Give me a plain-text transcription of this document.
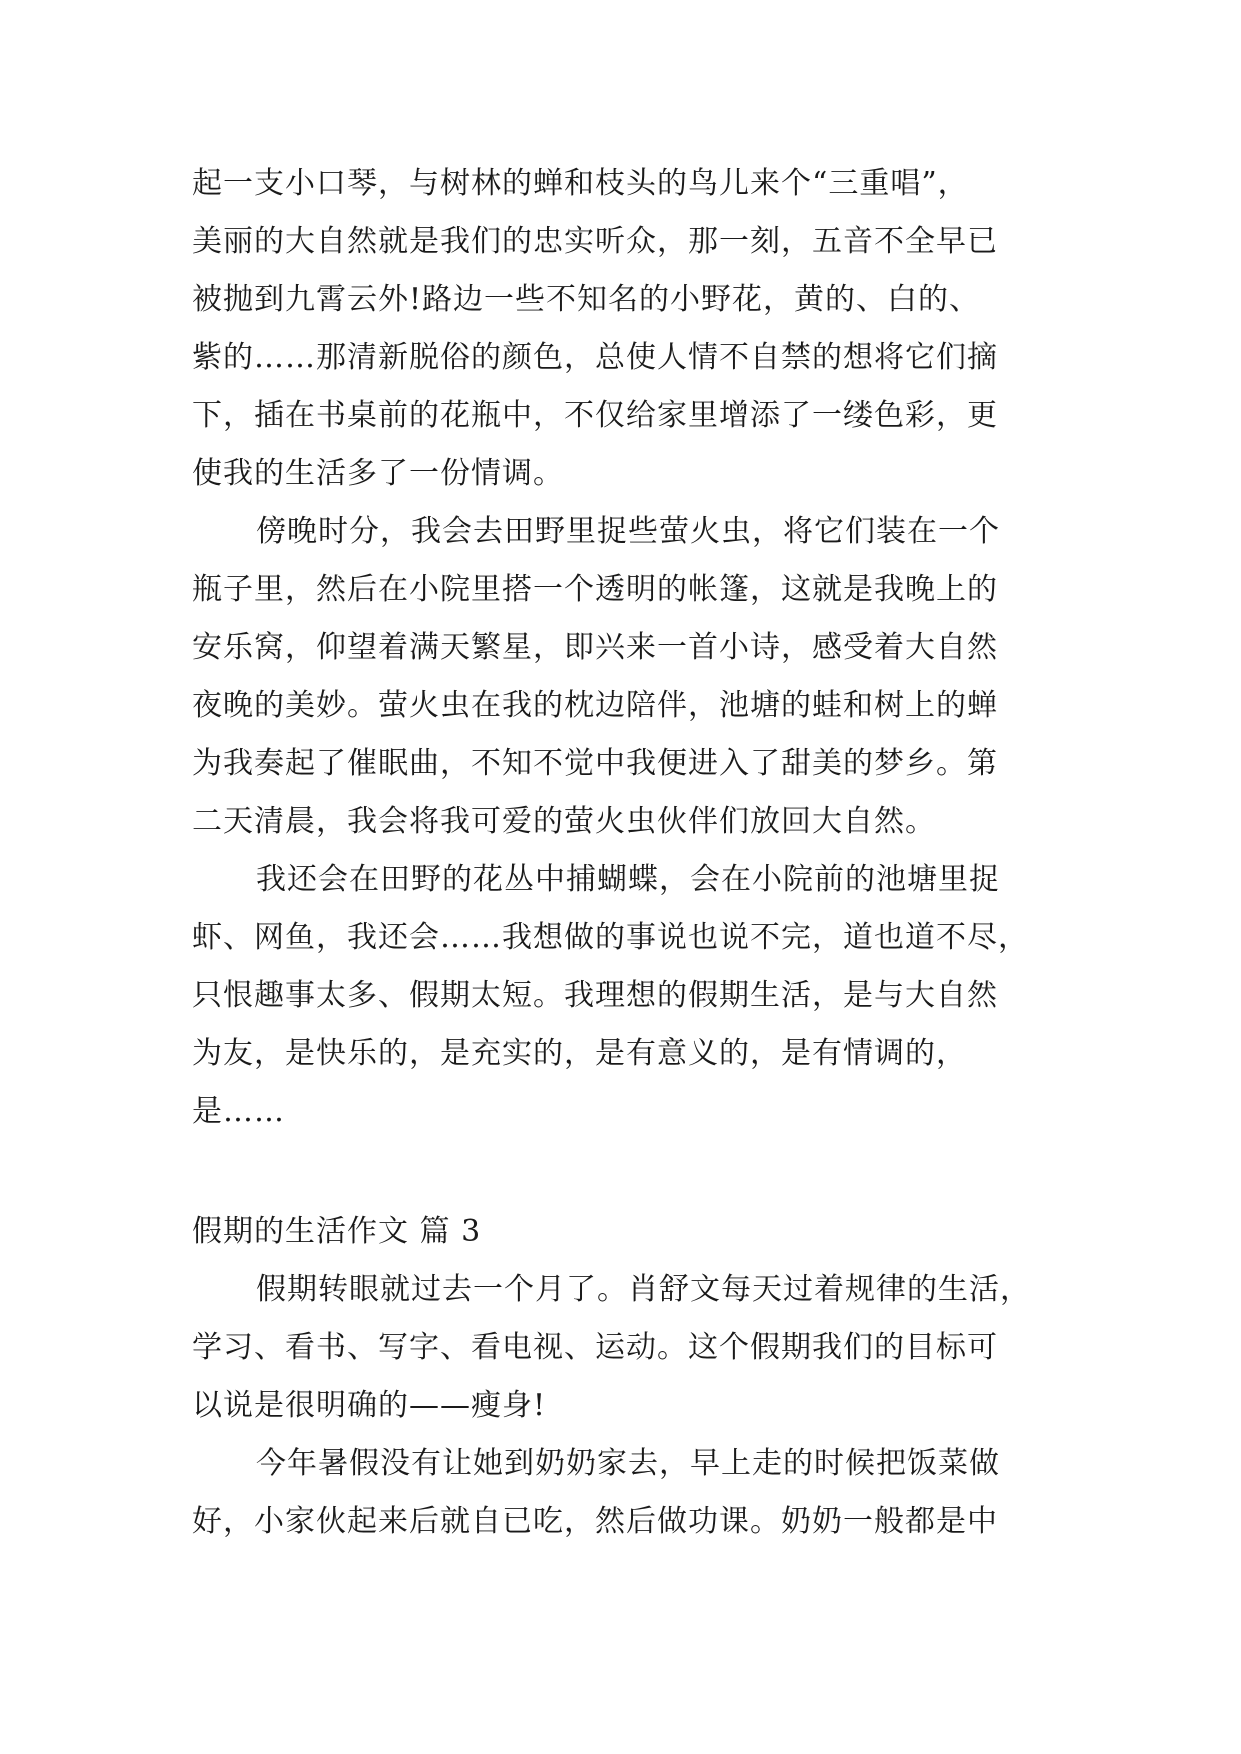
起一支小口琴，与树林的蝉和枝头的鸟儿来个“三重唱”，
美丽的大自然就是我们的忠实听众，那一刻，五音不全早已
被抛到九霄云外!路边一些不知名的小野花，黄的、白的、
紫的……那清新脱俗的颜色，总使人情不自禁的想将它们摘
下，插在书桌前的花瓶中，不仅给家里增添了一缕色彩，更
使我的生活多了一份情调。
傍晚时分，我会去田野里捉些萤火虫，将它们装在一个
瓶子里，然后在小院里搭一个透明的帐篷，这就是我晚上的
安乐窝，仰望着满天繁星，即兴来一首小诗，感受着大自然
夜晚的美妙。萤火虫在我的枕边陪伴，池塘的蛙和树上的蝉
为我奏起了催眠曲，不知不觉中我便进入了甜美的梦乡。第
二天清晨，我会将我可爱的萤火虫伙伴们放回大自然。
我还会在田野的花丛中捕蝴蝶，会在小院前的池塘里捉
虾、网鱼，我还会……我想做的事说也说不完，道也道不尽，
只恨趣事太多、假期太短。我理想的假期生活，是与大自然
为友，是快乐的，是充实的，是有意义的，是有情调的，
是……
假期的生活作文 篇 3
假期转眼就过去一个月了。肖舒文每天过着规律的生活，
学习、看书、写字、看电视、运动。这个假期我们的目标可
以说是很明确的——瘦身!
今年暑假没有让她到奶奶家去，早上走的时候把饭菜做
好，小家伙起来后就自已吃，然后做功课。奶奶一般都是中
